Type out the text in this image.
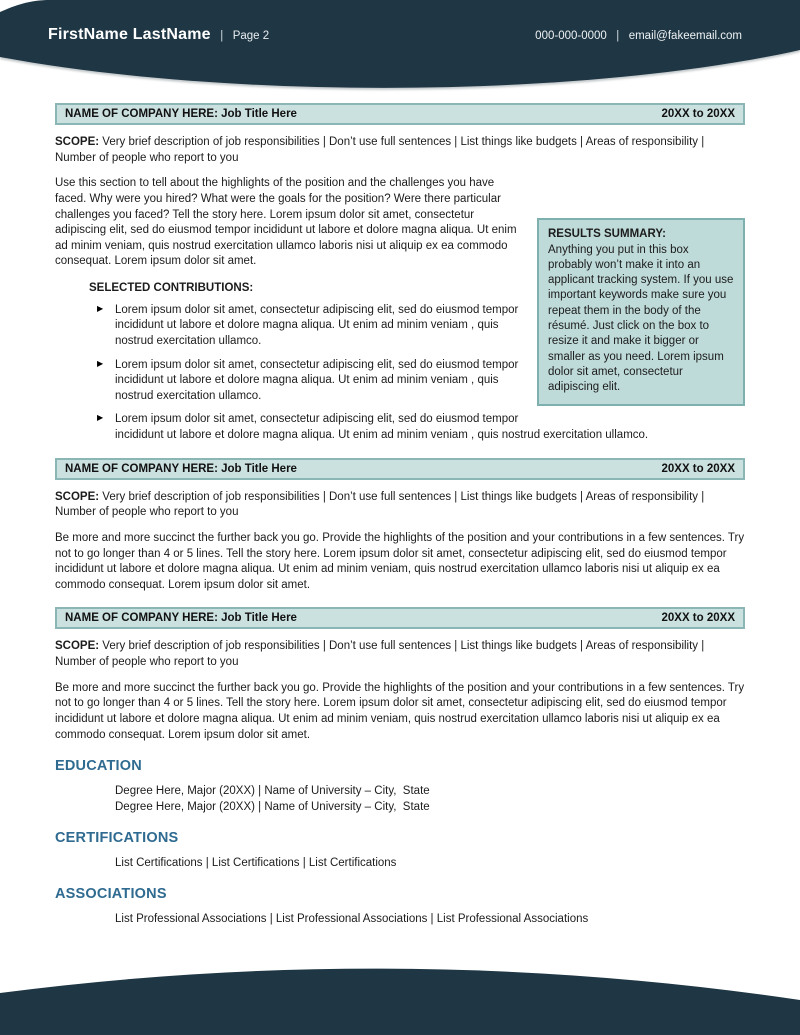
FirstName LastName | Page 2	000-000-0000 | email@fakeemail.com
NAME OF COMPANY HERE: Job Title Here	20XX to 20XX

SCOPE: Very brief description of job responsibilities | Don’t use full sentences | List things like budgets | Areas of responsibility | Number of people who report to you

RESULTS SUMMARY:
Anything you put in this box probably won’t make it into an applicant tracking system. If you use important keywords make sure you repeat them in the body of the résumé. Just click on the box to resize it and make it bigger or smaller as you need. Lorem ipsum dolor sit amet, consectetur adipiscing elit.

Use this section to tell about the highlights of the position and the challenges you have faced. Why were you hired? What were the goals for the position? Were there particular challenges you faced? Tell the story here. Lorem ipsum dolor sit amet, consectetur adipiscing elit, sed do eiusmod tempor incididunt ut labore et dolore magna aliqua. Ut enim ad minim veniam, quis nostrud exercitation ullamco laboris nisi ut aliquip ex ea commodo consequat. Lorem ipsum dolor sit amet.

SELECTED CONTRIBUTIONS:
▶ Lorem ipsum dolor sit amet, consectetur adipiscing elit, sed do eiusmod tempor incididunt ut labore et dolore magna aliqua. Ut enim ad minim veniam , quis nostrud exercitation ullamco.
▶ Lorem ipsum dolor sit amet, consectetur adipiscing elit, sed do eiusmod tempor incididunt ut labore et dolore magna aliqua. Ut enim ad minim veniam , quis nostrud exercitation ullamco.
▶ Lorem ipsum dolor sit amet, consectetur adipiscing elit, sed do eiusmod tempor incididunt ut labore et dolore magna aliqua. Ut enim ad minim veniam , quis nostrud exercitation ullamco.
NAME OF COMPANY HERE: Job Title Here	20XX to 20XX

SCOPE: Very brief description of job responsibilities | Don’t use full sentences | List things like budgets | Areas of responsibility | Number of people who report to you

Be more and more succinct the further back you go. Provide the highlights of the position and your contributions in a few sentences. Try not to go longer than 4 or 5 lines. Tell the story here. Lorem ipsum dolor sit amet, consectetur adipiscing elit, sed do eiusmod tempor incididunt ut labore et dolore magna aliqua. Ut enim ad minim veniam, quis nostrud exercitation ullamco laboris nisi ut aliquip ex ea commodo consequat. Lorem ipsum dolor sit amet.

NAME OF COMPANY HERE: Job Title Here	20XX to 20XX

SCOPE: Very brief description of job responsibilities | Don’t use full sentences | List things like budgets | Areas of responsibility | Number of people who report to you

Be more and more succinct the further back you go. Provide the highlights of the position and your contributions in a few sentences. Try not to go longer than 4 or 5 lines. Tell the story here. Lorem ipsum dolor sit amet, consectetur adipiscing elit, sed do eiusmod tempor incididunt ut labore et dolore magna aliqua. Ut enim ad minim veniam, quis nostrud exercitation ullamco laboris nisi ut aliquip ex ea commodo consequat. Lorem ipsum dolor sit amet.

EDUCATION
Degree Here, Major (20XX) | Name of University – City,  State
Degree Here, Major (20XX) | Name of University – City,  State
CERTIFICATIONS
List Certifications | List Certifications | List Certifications
ASSOCIATIONS
List Professional Associations | List Professional Associations | List Professional Associations
